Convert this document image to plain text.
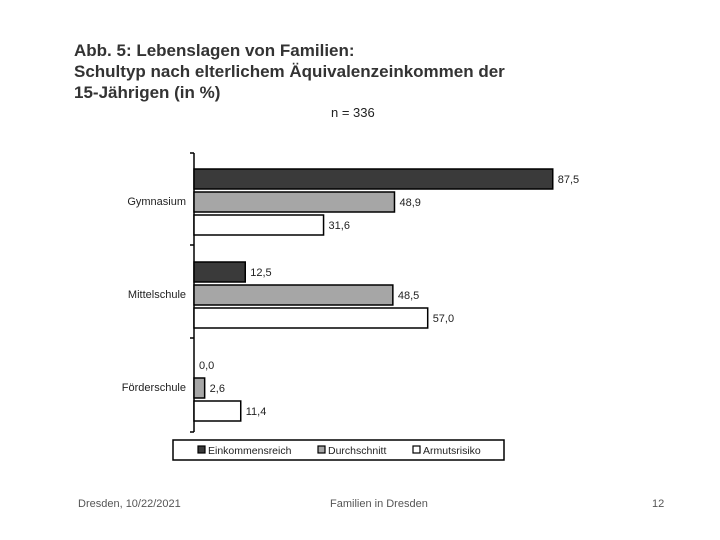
Abb. 5: Lebenslagen von Familien:
Schultyp nach elterlichem Äquivalenzeinkommen der
15-Jährigen (in %)
n = 336
Gymnasium
Mittelschule
Förderschule
87,5
12,5
0,0
48,9
48,5
2,6
31,6
57,0
11,4
Einkommensreich	Durchschnitt	Armutsrisiko
Dresden, 10/22/2021	Familien in Dresden	12
